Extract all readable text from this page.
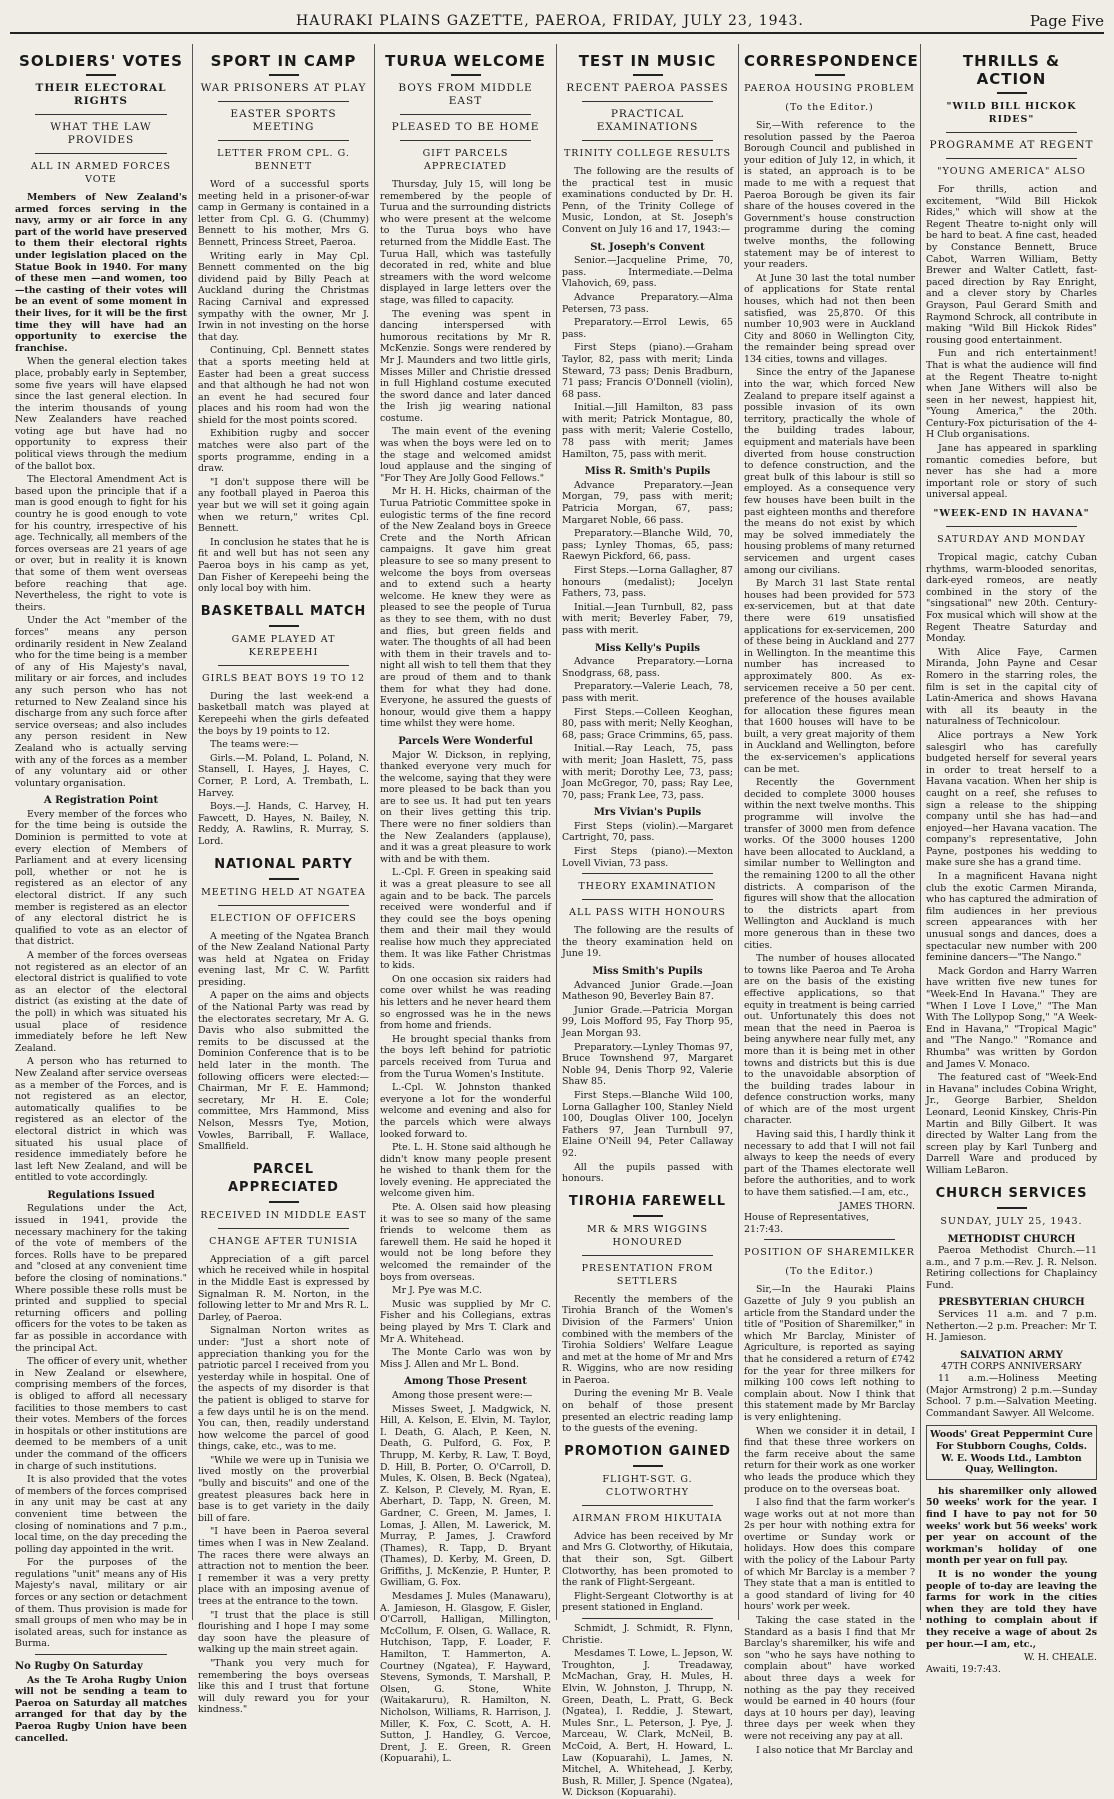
HAURAKI PLAINS GAZETTE, PAEROA, FRIDAY, JULY 23, 1943.	Page Five
SOLDIERS' VOTES
THEIR ELECTORAL RIGHTS
WHAT THE LAW PROVIDES
ALL IN ARMED FORCES VOTE

Members of New Zealand's armed forces serving in the navy, army or air force in any part of the world have preserved to them their electoral rights under legislation placed on the Statue Book in 1940. For many of these men —and women, too—the casting of their votes will be an event of some moment in their lives, for it will be the first time they will have had an opportunity to exercise the franchise.

When the general election takes place, probably early in September, some five years will have elapsed since the last general election. In the interim thousands of young New Zealanders have reached voting age but have had no opportunity to express their political views through the medium of the ballot box.

The Electoral Amendment Act is based upon the principle that if a man is good enough to fight for his country he is good enough to vote for his country, irrespective of his age. Technically, all members of the forces overseas are 21 years of age or over, but in reality it is known that some of them went overseas before reaching that age. Nevertheless, the right to vote is theirs.

Under the Act "member of the forces" means any person ordinarily resident in New Zealand who for the time being is a member of any of His Majesty's naval, military or air forces, and includes any such person who has not returned to New Zealand since his discharge from any such force after service overseas; and also includes any person resident in New Zealand who is actually serving with any of the forces as a member of any voluntary aid or other voluntary organisation.

A Registration Point

Every member of the forces who for the time being is outside the Dominion is permitted to vote at every election of Members of Parliament and at every licensing poll, whether or not he is registered as an elector of any electoral district. If any such member is registered as an elector of any electoral district he is qualified to vote as an elector of that district.

A member of the forces overseas not registered as an elector of an electoral district is qualified to vote as an elector of the electoral district (as existing at the date of the poll) in which was situated his usual place of residence immediately before he left New Zealand.

A person who has returned to New Zealand after service overseas as a member of the Forces, and is not registered as an elector, automatically qualifies to be registered as an elector of the electoral district in which was situated his usual place of residence immediately before he last left New Zealand, and will be entitled to vote accordingly.

Regulations Issued

Regulations under the Act, issued in 1941, provide the necessary machinery for the taking of the vote of members of the forces. Rolls have to be prepared and "closed at any convenient time before the closing of nominations." Where possible these rolls must be printed and supplied to special returning officers and polling officers for the votes to be taken as far as possible in accordance with the principal Act.

The officer of every unit, whether in New Zealand or elsewhere, comprising members of the forces, is obliged to afford all necessary facilities to those members to cast their votes. Members of the forces in hospitals or other institutions are deemed to be members of a unit under the command of the officers in charge of such institutions.

It is also provided that the votes of members of the forces comprised in any unit may be cast at any convenient time between the closing of nominations and 7 p.m., local time, on the day preceding the polling day appointed in the writ.

For the purposes of the regulations "unit" means any of His Majesty's naval, military or air forces or any section or detachment of them. Thus provision is made for small groups of men who may be in isolated areas, such for instance as Burma.

No Rugby On Saturday

As the Te Aroha Rugby Union will not be sending a team to Paeroa on Saturday all matches arranged for that day by the Paeroa Rugby Union have been cancelled.

SPORT IN CAMP
WAR PRISONERS AT PLAY
EASTER SPORTS MEETING
LETTER FROM CPL. G. BENNETT

Word of a successful sports meeting held in a prisoner-of-war camp in Germany is contained in a letter from Cpl. G. G. (Chummy) Bennett to his mother, Mrs G. Bennett, Princess Street, Paeroa.

Writing early in May Cpl. Bennett commented on the big dividend paid by Billy Peach at Auckland during the Christmas Racing Carnival and expressed sympathy with the owner, Mr J. Irwin in not investing on the horse that day.

Continuing, Cpl. Bennett states that a sports meeting held at Easter had been a great success and that although he had not won an event he had secured four places and his room had won the shield for the most points scored.

Exhibition rugby and soccer matches were also part of the sports programme, ending in a draw.

"I don't suppose there will be any football played in Paeroa this year but we will set it going again when we return," writes Cpl. Bennett.

In conclusion he states that he is fit and well but has not seen any Paeroa boys in his camp as yet, Dan Fisher of Kerepeehi being the only local boy with him.

BASKETBALL MATCH
GAME PLAYED AT KEREPEEHI
GIRLS BEAT BOYS 19 TO 12

During the last week-end a basketball match was played at Kerepeehi when the girls defeated the boys by 19 points to 12.

The teams were:—

Girls.—M. Poland, L. Poland, N. Stansell, I. Hayes, J. Hayes, C. Corner, P. Lord, A. Trembath, L. Harvey.

Boys.—J. Hands, C. Harvey, H. Fawcett, D. Hayes, N. Bailey, N. Reddy, A. Rawlins, R. Murray, S. Lord.

NATIONAL PARTY
MEETING HELD AT NGATEA
ELECTION OF OFFICERS

A meeting of the Ngatea Branch of the New Zealand National Party was held at Ngatea on Friday evening last, Mr C. W. Parfitt presiding.

A paper on the aims and objects of the National Party was read by the electorates secretary, Mr A. G. Davis who also submitted the remits to be discussed at the Dominion Conference that is to be held later in the month. The following officers were elected:—Chairman, Mr F. E. Hammond; secretary, Mr H. E. Cole; committee, Mrs Hammond, Miss Nelson, Messrs Tye, Motion, Vowles, Barriball, F. Wallace, Smallfield.

PARCEL APPRECIATED
RECEIVED IN MIDDLE EAST
CHANGE AFTER TUNISIA

Appreciation of a gift parcel which he received while in hospital in the Middle East is expressed by Signalman R. M. Norton, in the following letter to Mr and Mrs R. L. Darley, of Paeroa.

Signalman Norton writes as under: "Just a short note of appreciation thanking you for the patriotic parcel I received from you yesterday while in hospital. One of the aspects of my disorder is that the patient is obliged to starve for a few days until he is on the mend. You can, then, readily understand how welcome the parcel of good things, cake, etc., was to me.

"While we were up in Tunisia we lived mostly on the proverbial "bully and biscuits" and one of the greatest pleasures back here in base is to get variety in the daily bill of fare.

"I have been in Paeroa several times when I was in New Zealand. The races there were always an attraction not to mention the beer. I remember it was a very pretty place with an imposing avenue of trees at the entrance to the town.

"I trust that the place is still flourishing and I hope I may some day soon have the pleasure of walking up the main street again.

"Thank you very much for remembering the boys overseas like this and I trust that fortune will duly reward you for your kindness."

TURUA WELCOME
BOYS FROM MIDDLE EAST
PLEASED TO BE HOME
GIFT PARCELS APPRECIATED

Thursday, July 15, will long be remembered by the people of Turua and the surrounding districts who were present at the welcome to the Turua boys who have returned from the Middle East. The Turua Hall, which was tastefully decorated in red, white and blue streamers with the word welcome displayed in large letters over the stage, was filled to capacity.

The evening was spent in dancing interspersed with humorous recitations by Mr R. McKenzie. Songs were rendered by Mr J. Maunders and two little girls, Misses Miller and Christie dressed in full Highland costume executed the sword dance and later danced the Irish jig wearing national costume.

The main event of the evening was when the boys were led on to the stage and welcomed amidst loud applause and the singing of "For They Are Jolly Good Fellows."

Mr H. H. Hicks, chairman of the Turua Patriotic Committee spoke in eulogistic terms of the fine record of the New Zealand boys in Greece Crete and the North African campaigns. It gave him great pleasure to see so many present to welcome the boys from overseas and to extend such a hearty welcome. He knew they were as pleased to see the people of Turua as they to see them, with no dust and flies, but green fields and water. The thoughts of all had been with them in their travels and to-night all wish to tell them that they are proud of them and to thank them for what they had done. Everyone, he assured the guests of honour, would give them a happy time whilst they were home.

Parcels Were Wonderful

Major W. Dickson, in replying, thanked everyone very much for the welcome, saying that they were more pleased to be back than you are to see us. It had put ten years on their lives getting this trip. There were no finer soldiers than the New Zealanders (applause), and it was a great pleasure to work with and be with them.

L.-Cpl. F. Green in speaking said it was a great pleasure to see all again and to be back. The parcels received were wonderful and if they could see the boys opening them and their mail they would realise how much they appreciated them. It was like Father Christmas to kids.

On one occasion six raiders had come over whilst he was reading his letters and he never heard them so engrossed was he in the news from home and friends.

He brought special thanks from the boys left behind for patriotic parcels received from Turua and from the Turua Women's Institute.

L.-Cpl. W. Johnston thanked everyone a lot for the wonderful welcome and evening and also for the parcels which were always looked forward to.

Pte. L. H. Stone said although he didn't know many people present he wished to thank them for the lovely evening. He appreciated the welcome given him.

Pte. A. Olsen said how pleasing it was to see so many of the same friends to welcome them as farewell them. He said he hoped it would not be long before they welcomed the remainder of the boys from overseas.

Mr J. Pye was M.C.

Music was supplied by Mr C. Fisher and his Collegians, extras being played by Mrs T. Clark and Mr A. Whitehead.

The Monte Carlo was won by Miss J. Allen and Mr L. Bond.

Among Those Present

Among those present were:—

Misses Sweet, J. Madgwick, N. Hill, A. Kelson, E. Elvin, M. Taylor, I. Death, G. Alach, P. Keen, N. Death, G. Pulford, G. Fox, P. Thrupp, M. Kerby, R. Law, T. Boyd, D. Hill, B. Porter, O. O'Carroll, D. Mules, K. Olsen, B. Beck (Ngatea), Z. Kelson, P. Clevely, M. Ryan, E. Aberhart, D. Tapp, N. Green, M. Gardner, C. Green, M. James, I. Lomas, J. Allen, M. Lawerick, M. Murray, P. James, J. Crawford (Thames), R. Tapp, D. Bryant (Thames), D. Kerby, M. Green, D. Griffiths, J. McKenzie, P. Hunter, P. Gwilliam, G. Fox.

Mesdames J. Mules (Manawaru), A. Jamieson, H. Glasgow, F. Gisler, O'Carroll, Halligan, Millington, McCollum, F. Olsen, G. Wallace, R. Hutchison, Tapp, F. Loader, F. Hamilton, T. Hammerton, A. Courtney (Ngatea), F. Hayward, Stevens, Symonds, T. Marshall, P. Olsen, G. Stone, White (Waitakaruru), R. Hamilton, N. Nicholson, Williams, R. Harrison, J. Miller, K. Fox, C. Scott, A. H. Sutton, J. Handley, G. Vercoe, Drent, J. E. Green, R. Green (Kopuarahi), L.

TEST IN MUSIC
RECENT PAEROA PASSES
PRACTICAL EXAMINATIONS
TRINITY COLLEGE RESULTS

The following are the results of the practical test in music examinations conducted by Dr. H. Penn, of the Trinity College of Music, London, at St. Joseph's Convent on July 16 and 17, 1943:—

St. Joseph's Convent

Senior.—Jacqueline Prime, 70, pass. Intermediate.—Delma Vlahovich, 69, pass.

Advance Preparatory.—Alma Petersen, 73 pass.

Preparatory.—Errol Lewis, 65 pass.

First Steps (piano).—Graham Taylor, 82, pass with merit; Linda Steward, 73 pass; Denis Bradburn, 71 pass; Francis O'Donnell (violin), 68 pass.

Initial.—Jill Hamilton, 83 pass with merit; Patrick Montague, 80, pass with merit; Valerie Costello, 78 pass with merit; James Hamilton, 75, pass with merit.

Miss R. Smith's Pupils

Advance Preparatory.—Jean Morgan, 79, pass with merit; Patricia Morgan, 67, pass; Margaret Noble, 66 pass.

Preparatory.—Blanche Wild, 70, pass; Lynley Thomas, 65, pass; Raewyn Pickford, 66, pass.

First Steps.—Lorna Gallagher, 87 honours (medalist); Jocelyn Fathers, 73, pass.

Initial.—Jean Turnbull, 82, pass with merit; Beverley Faber, 79, pass with merit.

Miss Kelly's Pupils

Advance Preparatory.—Lorna Snodgrass, 68, pass.

Preparatory.—Valerie Leach, 78, pass with merit.

First Steps.—Colleen Keoghan, 80, pass with merit; Nelly Keoghan, 68, pass; Grace Crimmins, 65, pass.

Initial.—Ray Leach, 75, pass with merit; Joan Haslett, 75, pass with merit; Dorothy Lee, 73, pass; Joan McGregor, 70, pass; Ray Lee, 70, pass; Frank Lee, 73, pass.

Mrs Vivian's Pupils

First Steps (violin).—Margaret Cartright, 70, pass.

First Steps (piano).—Mexton Lovell Vivian, 73 pass.

THEORY EXAMINATION
ALL PASS WITH HONOURS

The following are the results of the theory examination held on June 19.

Miss Smith's Pupils

Advanced Junior Grade.—Joan Matheson 90, Beverley Bain 87.

Junior Grade.—Patricia Morgan 99, Lois Mofford 95, Fay Thorp 95, Jean Morgan 93.

Preparatory.—Lynley Thomas 97, Bruce Townshend 97, Margaret Noble 94, Denis Thorp 92, Valerie Shaw 85.

First Steps.—Blanche Wild 100, Lorna Gallagher 100, Stanley Nield 100, Douglas Oliver 100, Jocelyn Fathers 97, Jean Turnbull 97, Elaine O'Neill 94, Peter Callaway 92.

All the pupils passed with honours.

TIROHIA FAREWELL
MR & MRS WIGGINS HONOURED
PRESENTATION FROM SETTLERS

Recently the members of the Tirohia Branch of the Women's Division of the Farmers' Union combined with the members of the Tirohia Soldiers' Welfare League and met at the home of Mr and Mrs R. Wiggins, who are now residing in Paeroa.

During the evening Mr B. Veale on behalf of those present presented an electric reading lamp to the guests of the evening.

PROMOTION GAINED
FLIGHT-SGT. G. CLOTWORTHY
AIRMAN FROM HIKUTAIA

Advice has been received by Mr and Mrs G. Clotworthy, of Hikutaia, that their son, Sgt. Gilbert Clotworthy, has been promoted to the rank of Flight-Sergeant.

Flight-Sergeant Clotworthy is at present stationed in England.

Schmidt, J. Schmidt, R. Flynn, Christie.

Mesdames T. Lowe, L. Jepson, W. Troughton, J. Treadaway, McMachan, Gray, H. Mules, H. Elvin, W. Johnston, J. Thrupp, N. Green, Death, L. Pratt, G. Beck (Ngatea), I. Reddie, J. Stewart, Mules Snr., L. Peterson, J. Pye, J. Marceau, W. Clark, McNeil, B. McCoid, A. Bert, H. Howard, L. Law (Kopuarahi), L. James, N. Mitchel, A. Whitehead, J. Kerby, Bush, R. Miller, J. Spence (Ngatea), W. Dickson (Kopuarahi).

CORRESPONDENCE
PAEROA HOUSING PROBLEM
(To the Editor.)

Sir,—With reference to the resolution passed by the Paeroa Borough Council and published in your edition of July 12, in which, it is stated, an approach is to be made to me with a request that Paeroa Borough be given its fair share of the houses covered in the Government's house construction programme during the coming twelve months, the following statement may be of interest to your readers.

At June 30 last the total number of applications for State rental houses, which had not then been satisfied, was 25,870. Of this number 10,903 were in Auckland City and 8060 in Wellington City, the remainder being spread over 134 cities, towns and villages.

Since the entry of the Japanese into the war, which forced New Zealand to prepare itself against a possible invasion of its own territory, practically the whole of the building trades labour, equipment and materials have been diverted from house construction to defence construction, and the great bulk of this labour is still so employed. As a consequence very few houses have been built in the past eighteen months and therefore the means do not exist by which may be solved immediately the housing problems of many returned servicemen and urgent cases among our civilians.

By March 31 last State rental houses had been provided for 573 ex-servicemen, but at that date there were 619 unsatisfied applications for ex-servicemen, 200 of these being in Auckland and 277 in Wellington. In the meantime this number has increased to approximately 800. As ex-servicemen receive a 50 per cent. preference of the houses available for allocation these figures mean that 1600 houses will have to be built, a very great majority of them in Auckland and Wellington, before the ex-servicemen's applications can be met.

Recently the Government decided to complete 3000 houses within the next twelve months. This programme will involve the transfer of 3000 men from defence works. Of the 3000 houses 1200 have been allocated to Auckland, a similar number to Wellington and the remaining 1200 to all the other districts. A comparison of the figures will show that the allocation to the districts apart from Wellington and Auckland is much more generous than in these two cities.

The number of houses allocated to towns like Paeroa and Te Aroha are on the basis of the existing effective applications, so that equity in treatment is being carried out. Unfortunately this does not mean that the need in Paeroa is being anywhere near fully met, any more than it is being met in other towns and districts but this is due to the unavoidable absorption of the building trades labour in defence construction works, many of which are of the most urgent character.

Having said this, I hardly think it necessary to add that I will not fail always to keep the needs of every part of the Thames electorate well before the authorities, and to work to have them satisfied.—I am, etc.,

JAMES THORN.
House of Representatives,
21:7:43.
POSITION OF SHAREMILKER
(To the Editor.)

Sir,—In the Hauraki Plains Gazette of July 9 you publish an article from the Standard under the title of "Position of Sharemilker," in which Mr Barclay, Minister of Agriculture, is reported as saying that he considered a return of £742 for the year for three milkers for milking 100 cows left nothing to complain about. Now I think that this statement made by Mr Barclay is very enlightening.

When we consider it in detail, I find that these three workers on the farm receive about the same return for their work as one worker who leads the produce which they produce on to the overseas boat.

I also find that the farm worker's wage works out at not more than 2s per hour with nothing extra for overtime or Sunday work or holidays. How does this compare with the policy of the Labour Party of which Mr Barclay is a member ? They state that a man is entitled to a good standard of living for 40 hours' work per week.

Taking the case stated in the Standard as a basis I find that Mr Barclay's sharemilker, his wife and son "who he says have nothing to complain about" have worked about three days a week for nothing as the pay they received would be earned in 40 hours (four days at 10 hours per day), leaving three days per week when they were not receiving any pay at all.

I also notice that Mr Barclay and

THRILLS & ACTION
"WILD BILL HICKOK RIDES"
PROGRAMME AT REGENT
"YOUNG AMERICA" ALSO

For thrills, action and excitement, "Wild Bill Hickok Rides," which will show at the Regent Theatre to-night only will be hard to beat. A fine cast, headed by Constance Bennett, Bruce Cabot, Warren William, Betty Brewer and Walter Catlett, fast-paced direction by Ray Enright, and a clever story by Charles Grayson, Paul Gerard Smith and Raymond Schrock, all contribute in making "Wild Bill Hickok Rides" rousing good entertainment.

Fun and rich entertainment! That is what the audience will find at the Regent Theatre to-night when Jane Withers will also be seen in her newest, happiest hit, "Young America," the 20th. Century-Fox picturisation of the 4-H Club organisations.

Jane has appeared in sparkling romantic comedies before, but never has she had a more important role or story of such universal appeal.

"WEEK-END IN HAVANA"
SATURDAY AND MONDAY

Tropical magic, catchy Cuban rhythms, warm-blooded senoritas, dark-eyed romeos, are neatly combined in the story of the "singsational" new 20th. Century-Fox musical which will show at the Regent Theatre Saturday and Monday.

With Alice Faye, Carmen Miranda, John Payne and Cesar Romero in the starring roles, the film is set in the capital city of Latin-America and shows Havana with all its beauty in the naturalness of Technicolour.

Alice portrays a New York salesgirl who has carefully budgeted herself for several years in order to treat herself to a Havana vacation. When her ship is caught on a reef, she refuses to sign a release to the shipping company until she has had—and enjoyed—her Havana vacation. The company's representative, John Payne, postpones his wedding to make sure she has a grand time.

In a magnificent Havana night club the exotic Carmen Miranda, who has captured the admiration of film audiences in her previous screen appearances with her unusual songs and dances, does a spectacular new number with 200 feminine dancers—"The Nango."

Mack Gordon and Harry Warren have written five new tunes for "Week-End In Havana." They are "When I Love I Love," "The Man With The Lollypop Song," "A Week-End in Havana," "Tropical Magic" and "The Nango." "Romance and Rhumba" was written by Gordon and James V. Monaco.

The featured cast of "Week-End in Havana" includes Cobina Wright, Jr., George Barbier, Sheldon Leonard, Leonid Kinskey, Chris-Pin Martin and Billy Gilbert. It was directed by Walter Lang from the screen play by Karl Tunberg and Darrell Ware and produced by William LeBaron.

CHURCH SERVICES
SUNDAY, JULY 25, 1943.
METHODIST CHURCH

Paeroa Methodist Church.—11 a.m., and 7 p.m.—Rev. J. R. Nelson. Retiring collections for Chaplaincy Fund.

PRESBYTERIAN CHURCH

Services 11 a.m. and 7 p.m. Netherton.—2 p.m. Preacher: Mr T. H. Jamieson.

SALVATION ARMY
47TH CORPS ANNIVERSARY

11 a.m.—Holiness Meeting (Major Armstrong) 2 p.m.—Sunday School. 7 p.m.—Salvation Meeting. Commandant Sawyer. All Welcome.

Woods' Great Peppermint Cure For Stubborn Coughs, Colds. W. E. Woods Ltd., Lambton Quay, Wellington.

his sharemilker only allowed 50 weeks' work for the year. I find I have to pay not for 50 weeks' work but 56 weeks' work per year on account of the workman's holiday of one month per year on full pay.

It is no wonder the young people of to-day are leaving the farms for work in the cities when they are told they have nothing to complain about if they receive a wage of about 2s per hour.—I am, etc.,

W. H. CHEALE.
Awaiti, 19:7:43.
